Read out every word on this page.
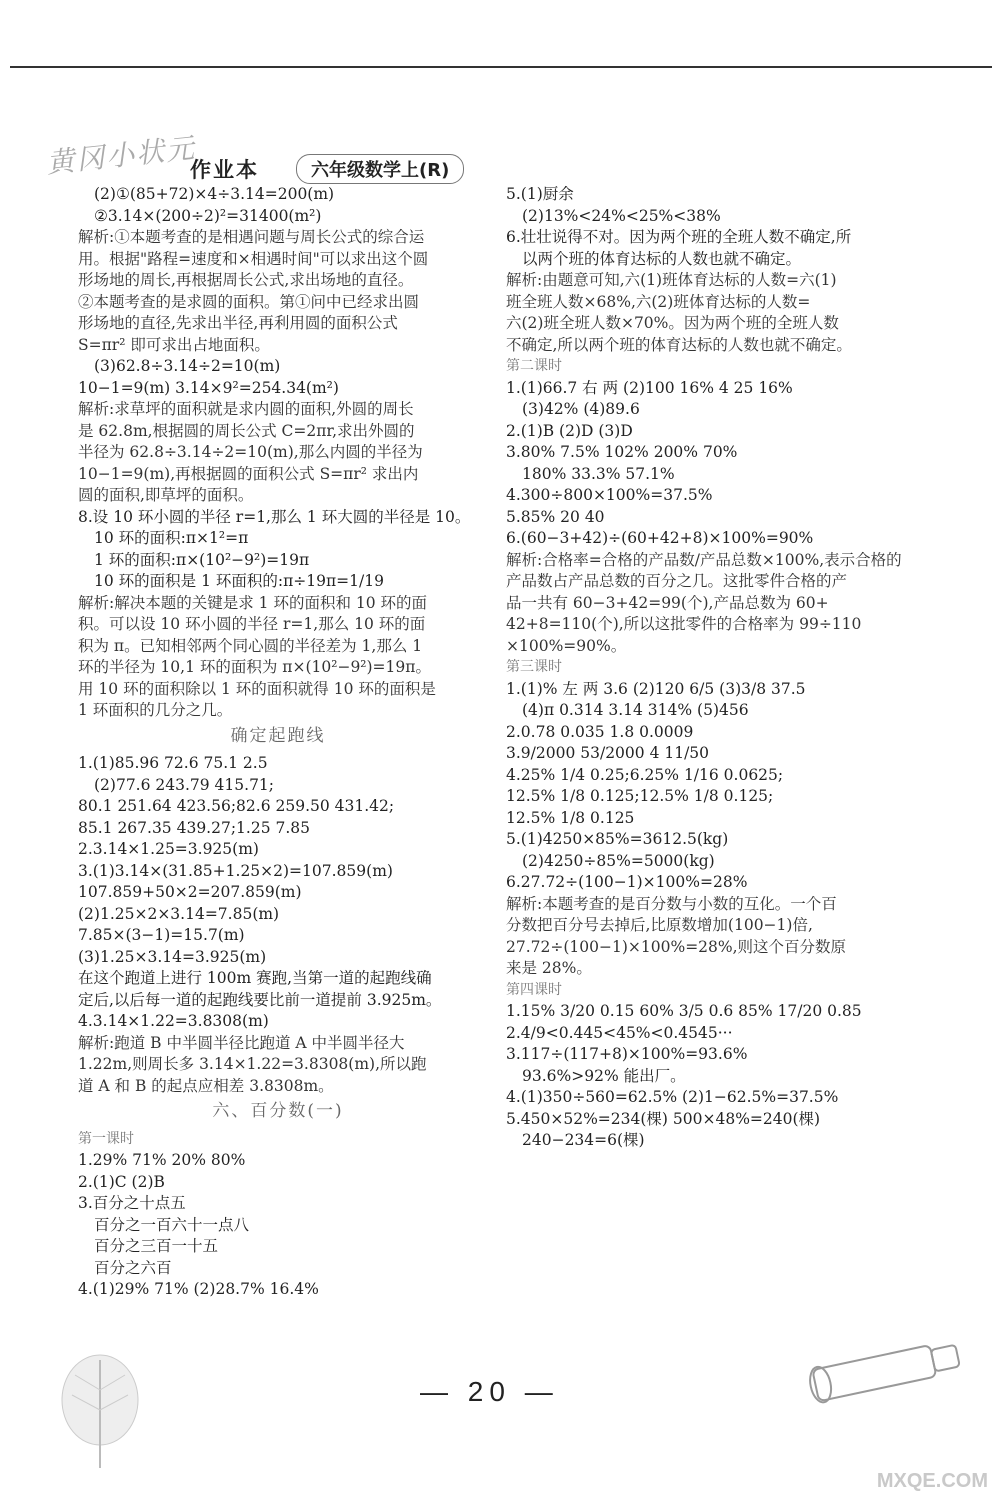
黄冈小状元
作业本	六年级数学上(R)
(2)①(85+72)×4÷3.14=200(m)
②3.14×(200÷2)²=31400(m²)
解析:①本题考查的是相遇问题与周长公式的综合运
用。根据"路程=速度和×相遇时间"可以求出这个圆
形场地的周长,再根据周长公式,求出场地的直径。
②本题考查的是求圆的面积。第①问中已经求出圆
形场地的直径,先求出半径,再利用圆的面积公式
S=πr² 即可求出占地面积。
(3)62.8÷3.14÷2=10(m)
10−1=9(m) 3.14×9²=254.34(m²)
解析:求草坪的面积就是求内圆的面积,外圆的周长
是 62.8m,根据圆的周长公式 C=2πr,求出外圆的
半径为 62.8÷3.14÷2=10(m),那么内圆的半径为
10−1=9(m),再根据圆的面积公式 S=πr² 求出内
圆的面积,即草坪的面积。
8.设 10 环小圆的半径 r=1,那么 1 环大圆的半径是 10。
10 环的面积:π×1²=π
1 环的面积:π×(10²−9²)=19π
10 环的面积是 1 环面积的:π÷19π=1/19
解析:解决本题的关键是求 1 环的面积和 10 环的面
积。可以设 10 环小圆的半径 r=1,那么 10 环的面
积为 π。已知相邻两个同心圆的半径差为 1,那么 1
环的半径为 10,1 环的面积为 π×(10²−9²)=19π。
用 10 环的面积除以 1 环的面积就得 10 环的面积是
1 环面积的几分之几。
确定起跑线
1.(1)85.96 72.6 75.1 2.5
(2)77.6 243.79 415.71;
80.1 251.64 423.56;82.6 259.50 431.42;
85.1 267.35 439.27;1.25 7.85
2.3.14×1.25=3.925(m)
3.(1)3.14×(31.85+1.25×2)=107.859(m)
107.859+50×2=207.859(m)
(2)1.25×2×3.14=7.85(m)
7.85×(3−1)=15.7(m)
(3)1.25×3.14=3.925(m)
在这个跑道上进行 100m 赛跑,当第一道的起跑线确
定后,以后每一道的起跑线要比前一道提前 3.925m。
4.3.14×1.22=3.8308(m)
解析:跑道 B 中半圆半径比跑道 A 中半圆半径大
1.22m,则周长多 3.14×1.22=3.8308(m),所以跑
道 A 和 B 的起点应相差 3.8308m。
六、百分数(一)
第一课时
1.29% 71% 20% 80%
2.(1)C (2)B
3.百分之十点五
百分之一百六十一点八
百分之三百一十五
百分之六百
4.(1)29% 71% (2)28.7% 16.4%
5.(1)厨余
(2)13%<24%<25%<38%
6.壮壮说得不对。因为两个班的全班人数不确定,所
以两个班的体育达标的人数也就不确定。
解析:由题意可知,六(1)班体育达标的人数=六(1)
班全班人数×68%,六(2)班体育达标的人数=
六(2)班全班人数×70%。因为两个班的全班人数
不确定,所以两个班的体育达标的人数也就不确定。
第二课时
1.(1)66.7 右 两 (2)100 16% 4 25 16%
(3)42% (4)89.6
2.(1)B (2)D (3)D
3.80% 7.5% 102% 200% 70%
180% 33.3% 57.1%
4.300÷800×100%=37.5%
5.85% 20 40
6.(60−3+42)÷(60+42+8)×100%=90%
解析:合格率=合格的产品数/产品总数×100%,表示合格的
产品数占产品总数的百分之几。这批零件合格的产
品一共有 60−3+42=99(个),产品总数为 60+
42+8=110(个),所以这批零件的合格率为 99÷110
×100%=90%。
第三课时
1.(1)% 左 两 3.6 (2)120 6/5 (3)3/8 37.5
(4)π 0.314 3.14 314% (5)456
2.0.78 0.035 1.8 0.0009
3.9/2000 53/2000 4 11/50
4.25% 1/4 0.25;6.25% 1/16 0.0625;
12.5% 1/8 0.125;12.5% 1/8 0.125;
12.5% 1/8 0.125
5.(1)4250×85%=3612.5(kg)
(2)4250÷85%=5000(kg)
6.27.72÷(100−1)×100%=28%
解析:本题考查的是百分数与小数的互化。一个百
分数把百分号去掉后,比原数增加(100−1)倍,
27.72÷(100−1)×100%=28%,则这个百分数原
来是 28%。
第四课时
1.15% 3/20 0.15 60% 3/5 0.6 85% 17/20 0.85
2.4/9<0.445<45%<0.4545···
3.117÷(117+8)×100%=93.6%
93.6%>92% 能出厂。
4.(1)350÷560=62.5% (2)1−62.5%=37.5%
5.450×52%=234(棵) 500×48%=240(棵)
240−234=6(棵)
— 20 —
MXQE.COM
